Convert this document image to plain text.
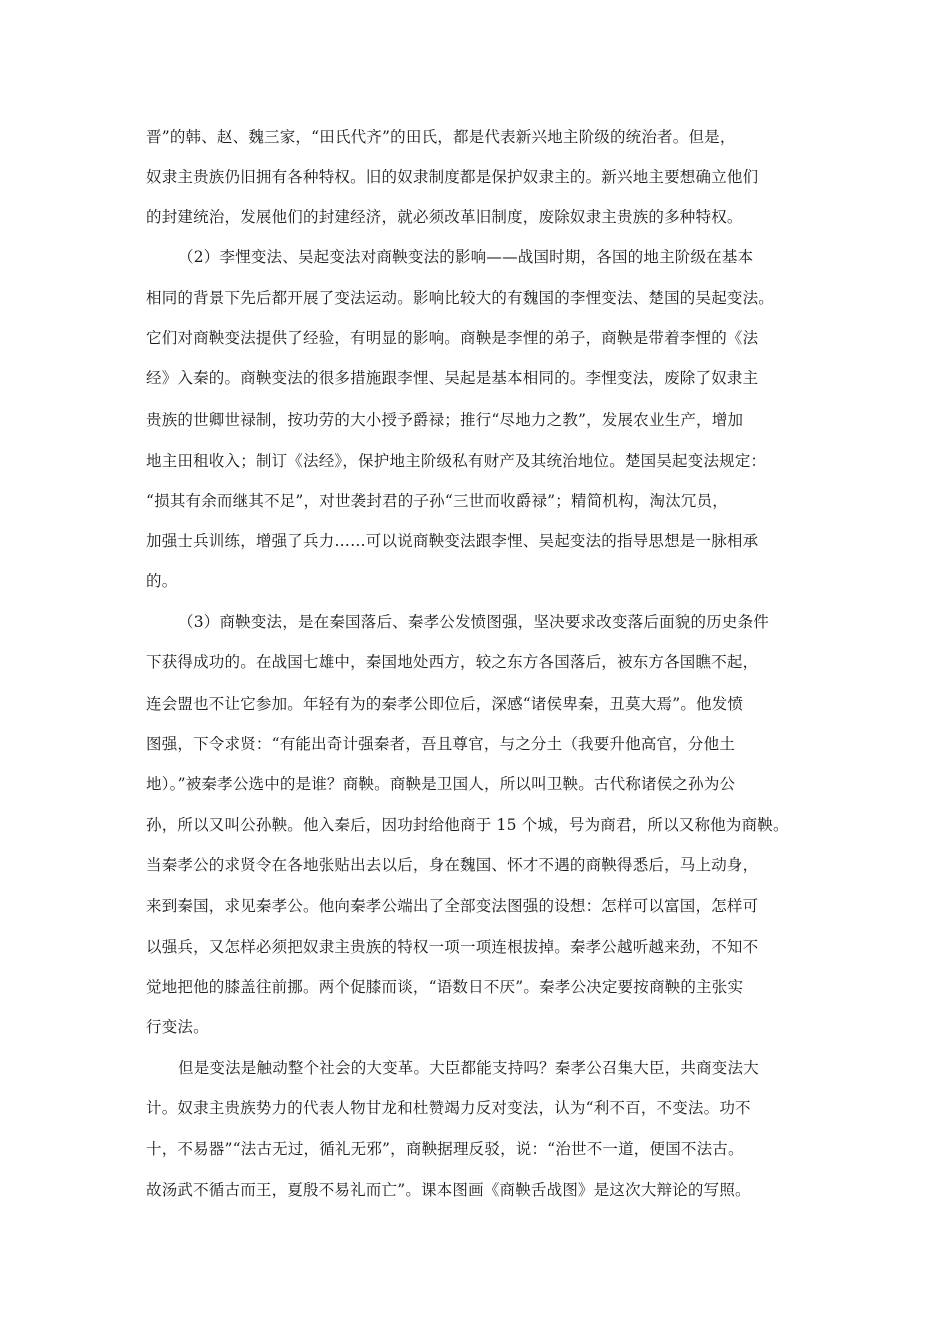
晋”的韩、赵、魏三家，“田氏代齐”的田氏，都是代表新兴地主阶级的统治者。但是，
奴隶主贵族仍旧拥有各种特权。旧的奴隶制度都是保护奴隶主的。新兴地主要想确立他们
的封建统治，发展他们的封建经济，就必须改革旧制度，废除奴隶主贵族的多种特权。
（2）李悝变法、吴起变法对商鞅变法的影响——战国时期，各国的地主阶级在基本
相同的背景下先后都开展了变法运动。影响比较大的有魏国的李悝变法、楚国的吴起变法。
它们对商鞅变法提供了经验，有明显的影响。商鞅是李悝的弟子，商鞅是带着李悝的《法
经》入秦的。商鞅变法的很多措施跟李悝、吴起是基本相同的。李悝变法，废除了奴隶主
贵族的世卿世禄制，按功劳的大小授予爵禄；推行“尽地力之教”，发展农业生产，增加
地主田租收入；制订《法经》，保护地主阶级私有财产及其统治地位。楚国吴起变法规定：
“损其有余而继其不足”，对世袭封君的子孙“三世而收爵禄”；精简机构，淘汰冗员，
加强士兵训练，增强了兵力……可以说商鞅变法跟李悝、吴起变法的指导思想是一脉相承
的。
（3）商鞅变法，是在秦国落后、秦孝公发愤图强，坚决要求改变落后面貌的历史条件
下获得成功的。在战国七雄中，秦国地处西方，较之东方各国落后，被东方各国瞧不起，
连会盟也不让它参加。年轻有为的秦孝公即位后，深感“诸侯卑秦，丑莫大焉”。他发愤
图强，下令求贤：“有能出奇计强秦者，吾且尊官，与之分土（我要升他高官，分他土
地）。”被秦孝公选中的是谁？商鞅。商鞅是卫国人，所以叫卫鞅。古代称诸侯之孙为公
孙，所以又叫公孙鞅。他入秦后，因功封给他商于 15 个城，号为商君，所以又称他为商鞅。
当秦孝公的求贤令在各地张贴出去以后，身在魏国、怀才不遇的商鞅得悉后，马上动身，
来到秦国，求见秦孝公。他向秦孝公端出了全部变法图强的设想：怎样可以富国，怎样可
以强兵，又怎样必须把奴隶主贵族的特权一项一项连根拔掉。秦孝公越听越来劲，不知不
觉地把他的膝盖往前挪。两个促膝而谈，“语数日不厌”。秦孝公决定要按商鞅的主张实
行变法。
但是变法是触动整个社会的大变革。大臣都能支持吗？秦孝公召集大臣，共商变法大
计。奴隶主贵族势力的代表人物甘龙和杜赞竭力反对变法，认为“利不百，不变法。功不
十，不易器”“法古无过，循礼无邪”，商鞅据理反驳，说：“治世不一道，便国不法古。
故汤武不循古而王，夏殷不易礼而亡”。课本图画《商鞅舌战图》是这次大辩论的写照。
